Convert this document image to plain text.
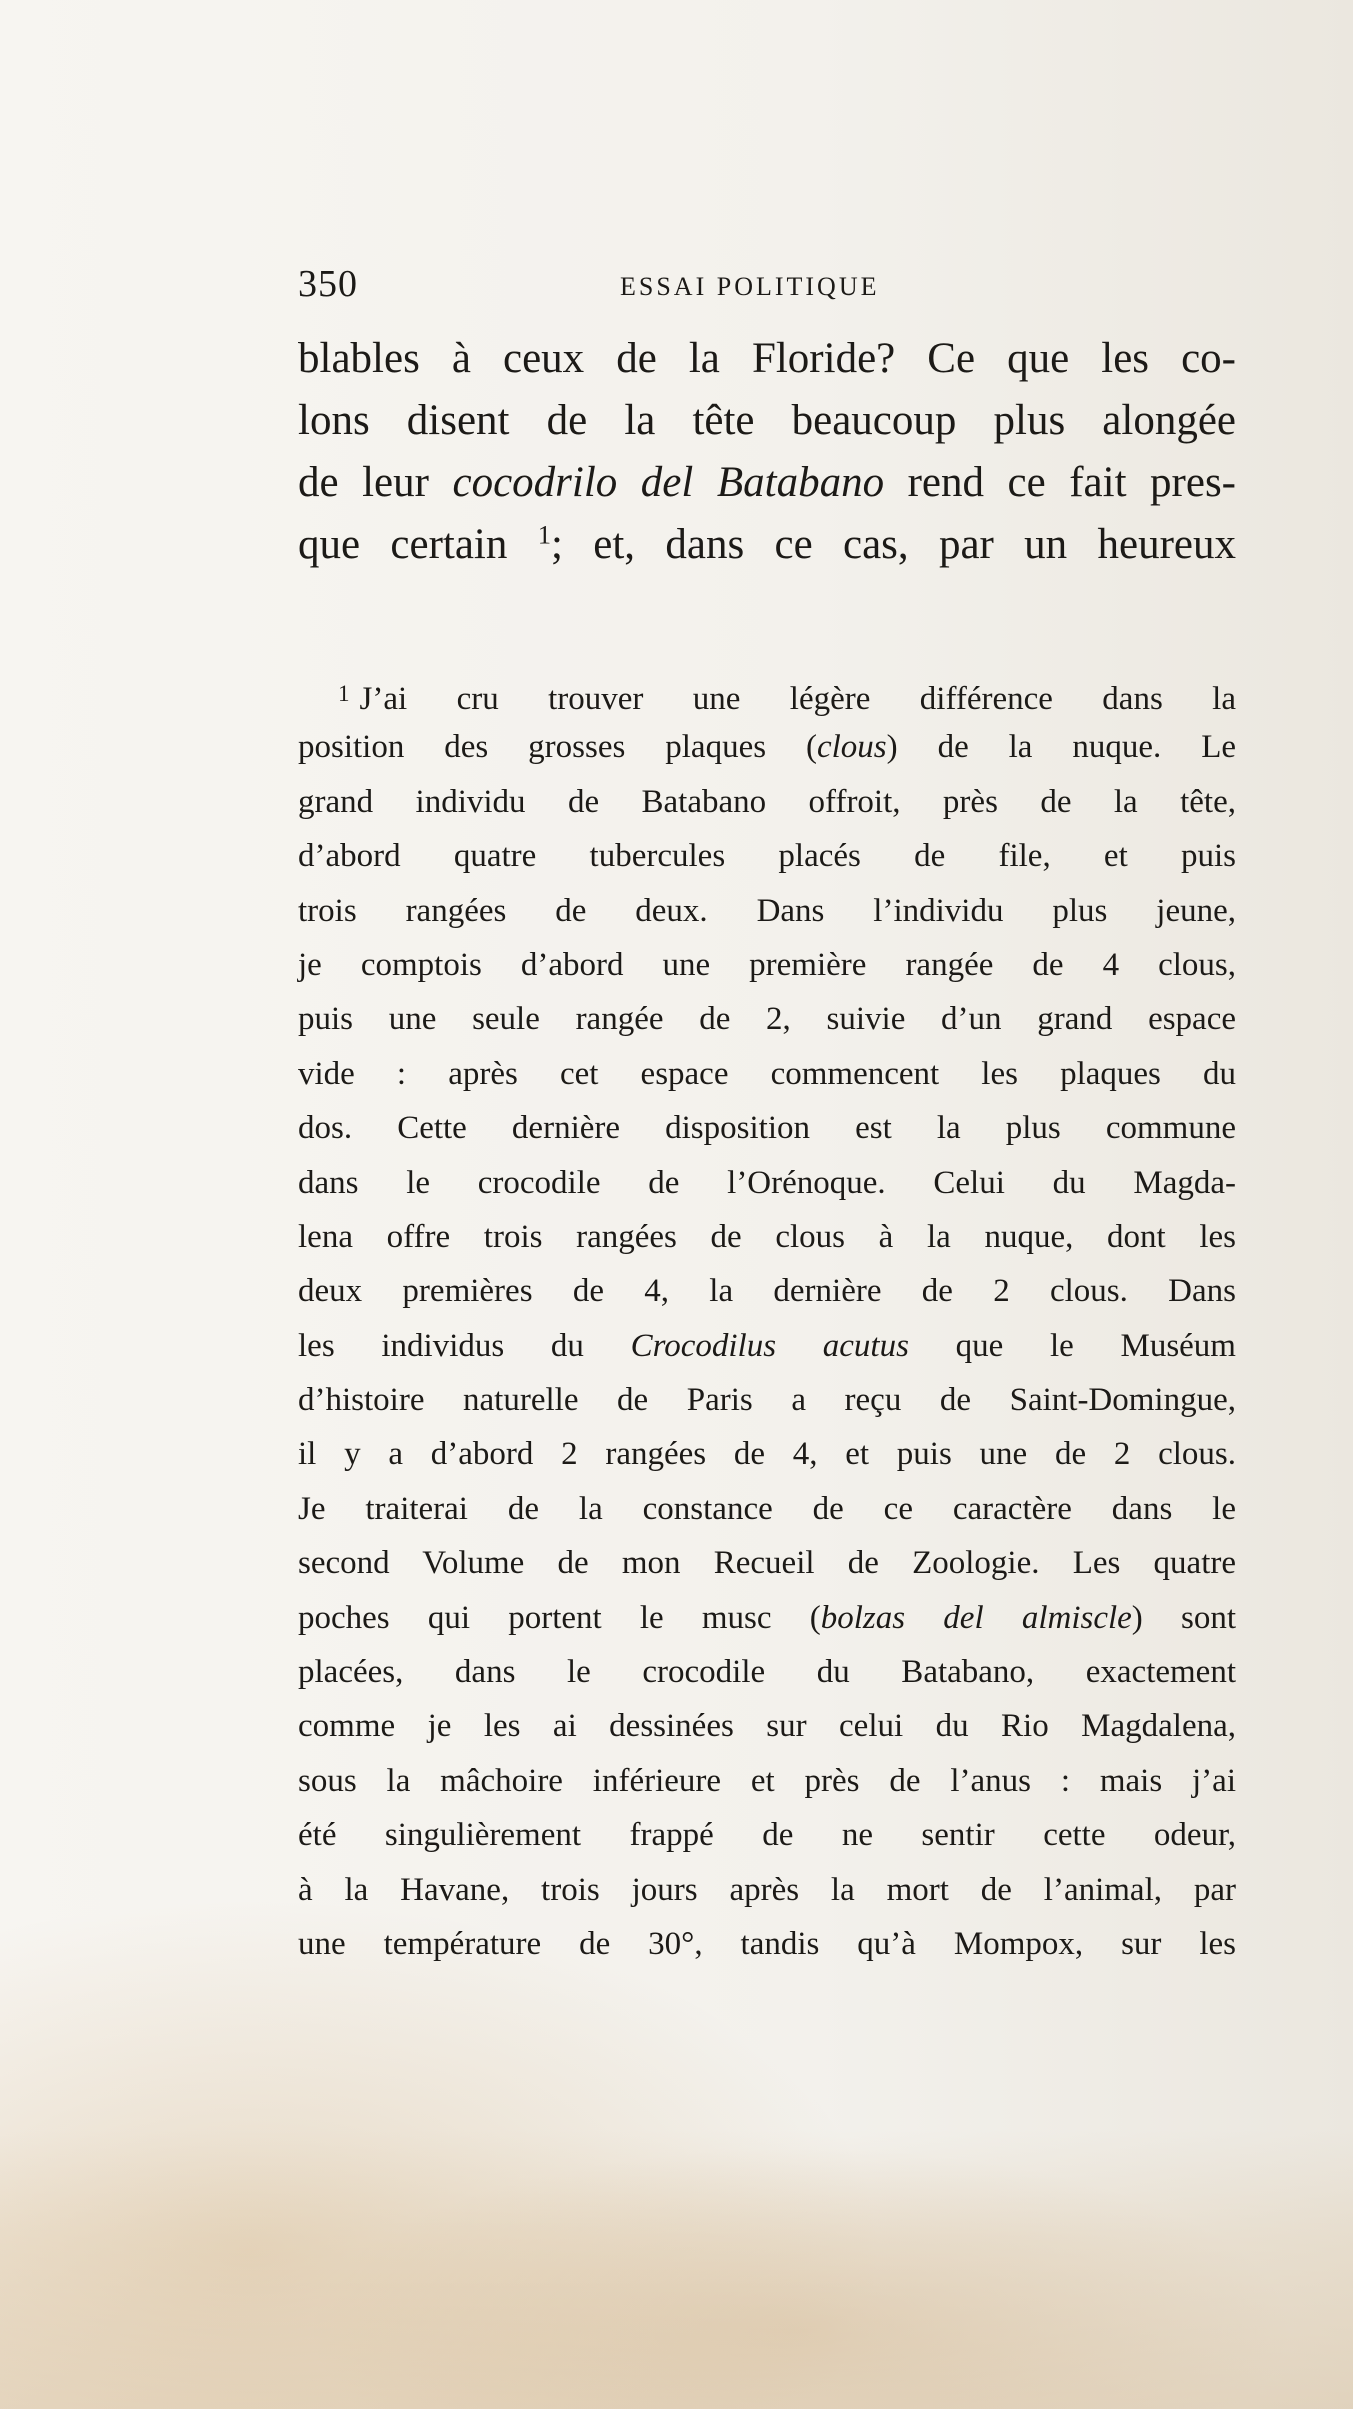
350	ESSAI POLITIQUE
blables à ceux de la Floride? Ce que les co-
lons disent de la tête beaucoup plus alongée
de leur cocodrilo del Batabano rend ce fait pres-
que certain $^1$; et, dans ce cas, par un heureux
$^1$ J’ai cru trouver une légère différence dans la
position des grosses plaques (clous) de la nuque. Le
grand individu de Batabano offroit, près de la tête,
d’abord quatre tubercules placés de file, et puis
trois rangées de deux. Dans l’individu plus jeune,
je comptois d’abord une première rangée de 4 clous,
puis une seule rangée de 2, suivie d’un grand espace
vide : après cet espace commencent les plaques du
dos. Cette dernière disposition est la plus commune
dans le crocodile de l’Orénoque. Celui du Magda-
lena offre trois rangées de clous à la nuque, dont les
deux premières de 4, la dernière de 2 clous. Dans
les individus du Crocodilus acutus que le Muséum
d’histoire naturelle de Paris a reçu de Saint-Domingue,
il y a d’abord 2 rangées de 4, et puis une de 2 clous.
Je traiterai de la constance de ce caractère dans le
second Volume de mon Recueil de Zoologie. Les quatre
poches qui portent le musc (bolzas del almiscle) sont
placées, dans le crocodile du Batabano, exactement
comme je les ai dessinées sur celui du Rio Magdalena,
sous la mâchoire inférieure et près de l’anus : mais j’ai
été singulièrement frappé de ne sentir cette odeur,
à la Havane, trois jours après la mort de l’animal, par
une température de 30°, tandis qu’à Mompox, sur les
